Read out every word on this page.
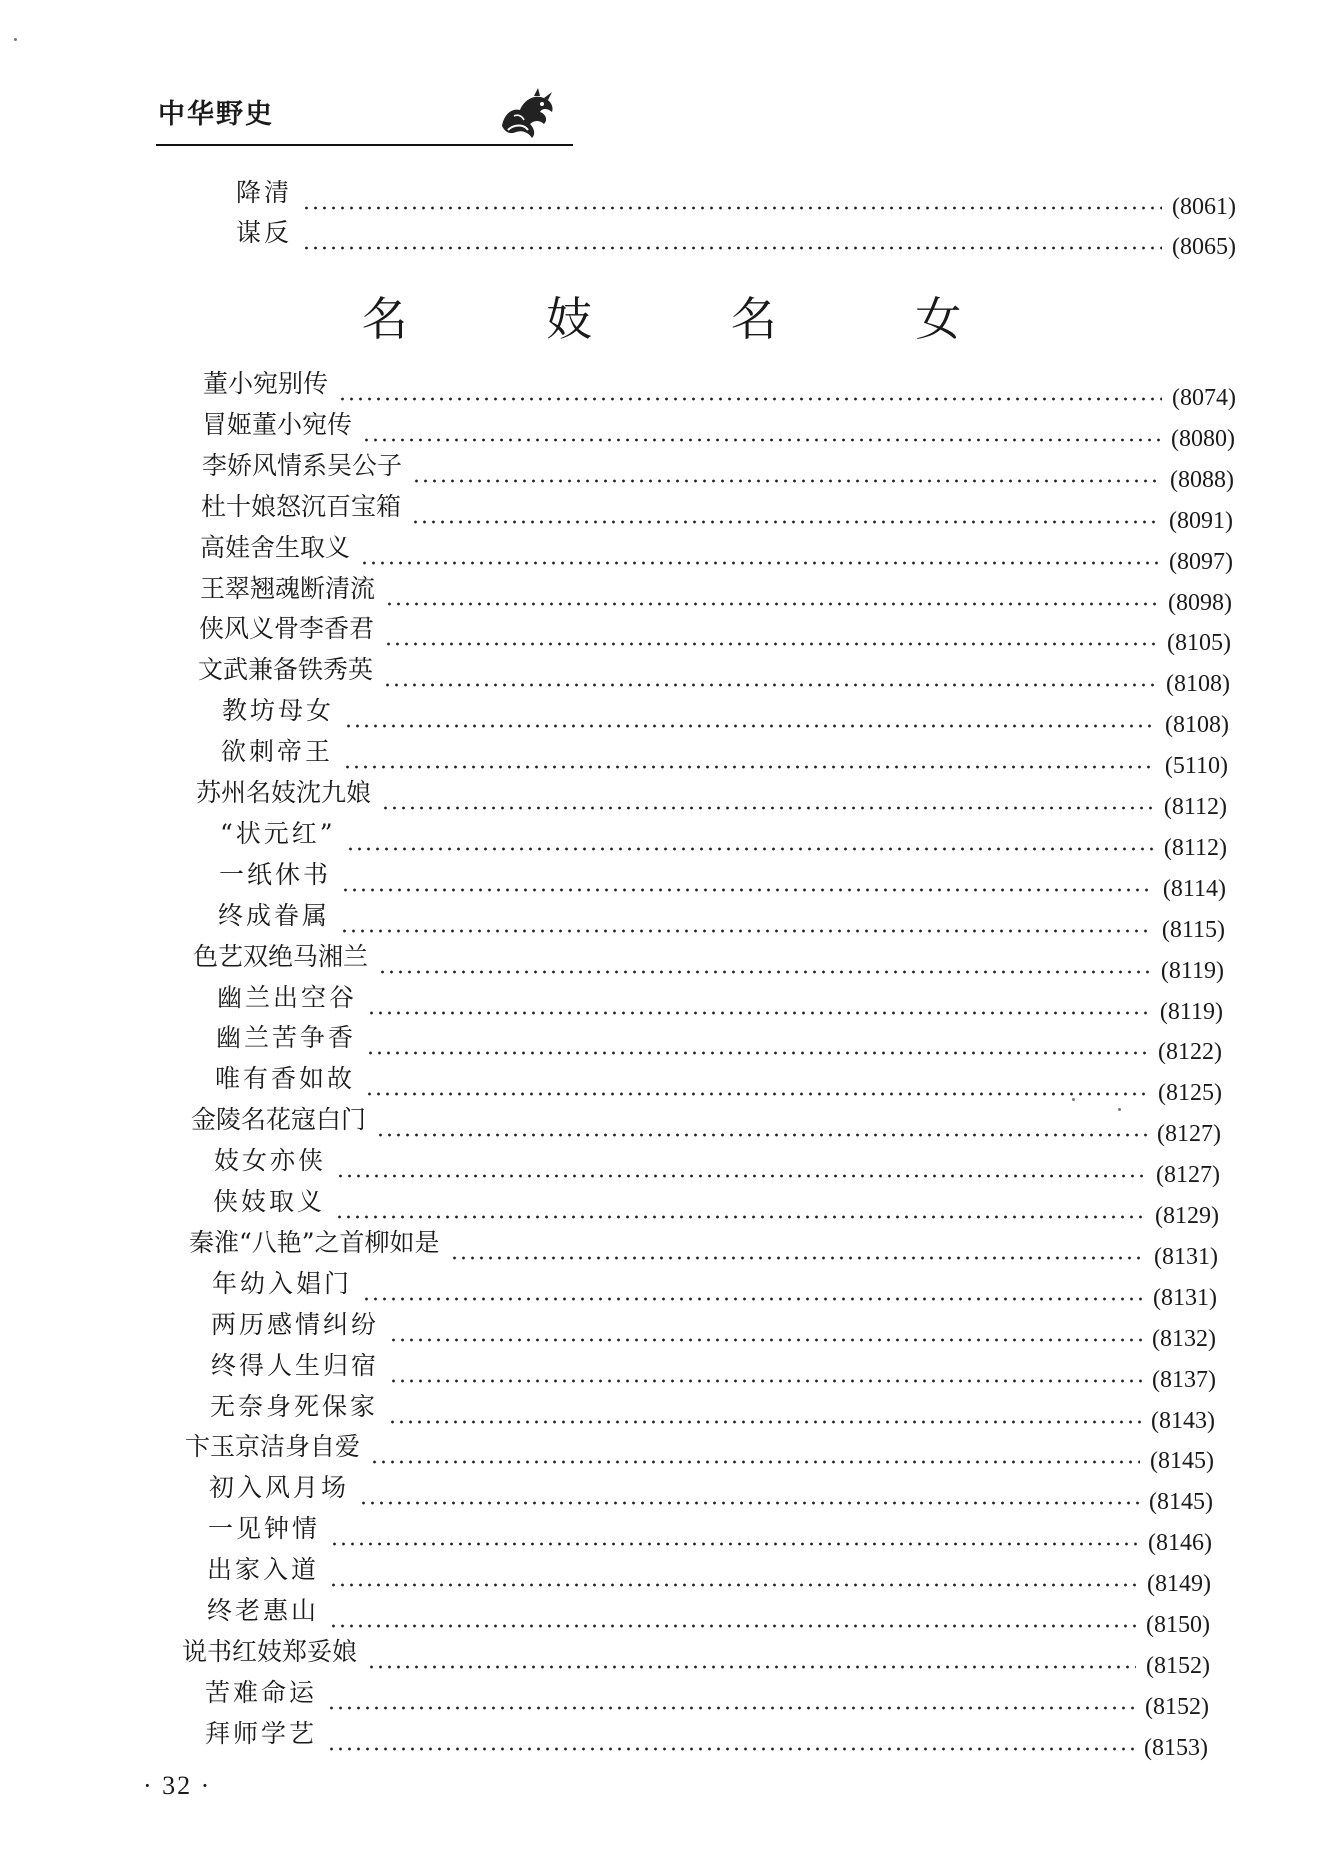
中华野史
名 妓 名 女
降清	(8061)
谋反	(8065)
董小宛别传	(8074)
冒姬董小宛传	(8080)
李娇风情系吴公子	(8088)
杜十娘怒沉百宝箱	(8091)
高娃舍生取义	(8097)
王翠翘魂断清流	(8098)
侠风义骨李香君	(8105)
文武兼备铁秀英	(8108)
教坊母女	(8108)
欲刺帝王	(5110)
苏州名妓沈九娘	(8112)
“状元红”	(8112)
一纸休书	(8114)
终成眷属	(8115)
色艺双绝马湘兰	(8119)
幽兰出空谷	(8119)
幽兰苦争香	(8122)
唯有香如故	(8125)
金陵名花寇白门	(8127)
妓女亦侠	(8127)
侠妓取义	(8129)
秦淮“八艳”之首柳如是	(8131)
年幼入娼门	(8131)
两历感情纠纷	(8132)
终得人生归宿	(8137)
无奈身死保家	(8143)
卞玉京洁身自爱	(8145)
初入风月场	(8145)
一见钟情	(8146)
出家入道	(8149)
终老惠山	(8150)
说书红妓郑妥娘	(8152)
苦难命运	(8152)
拜师学艺	(8153)

· 32 ·
